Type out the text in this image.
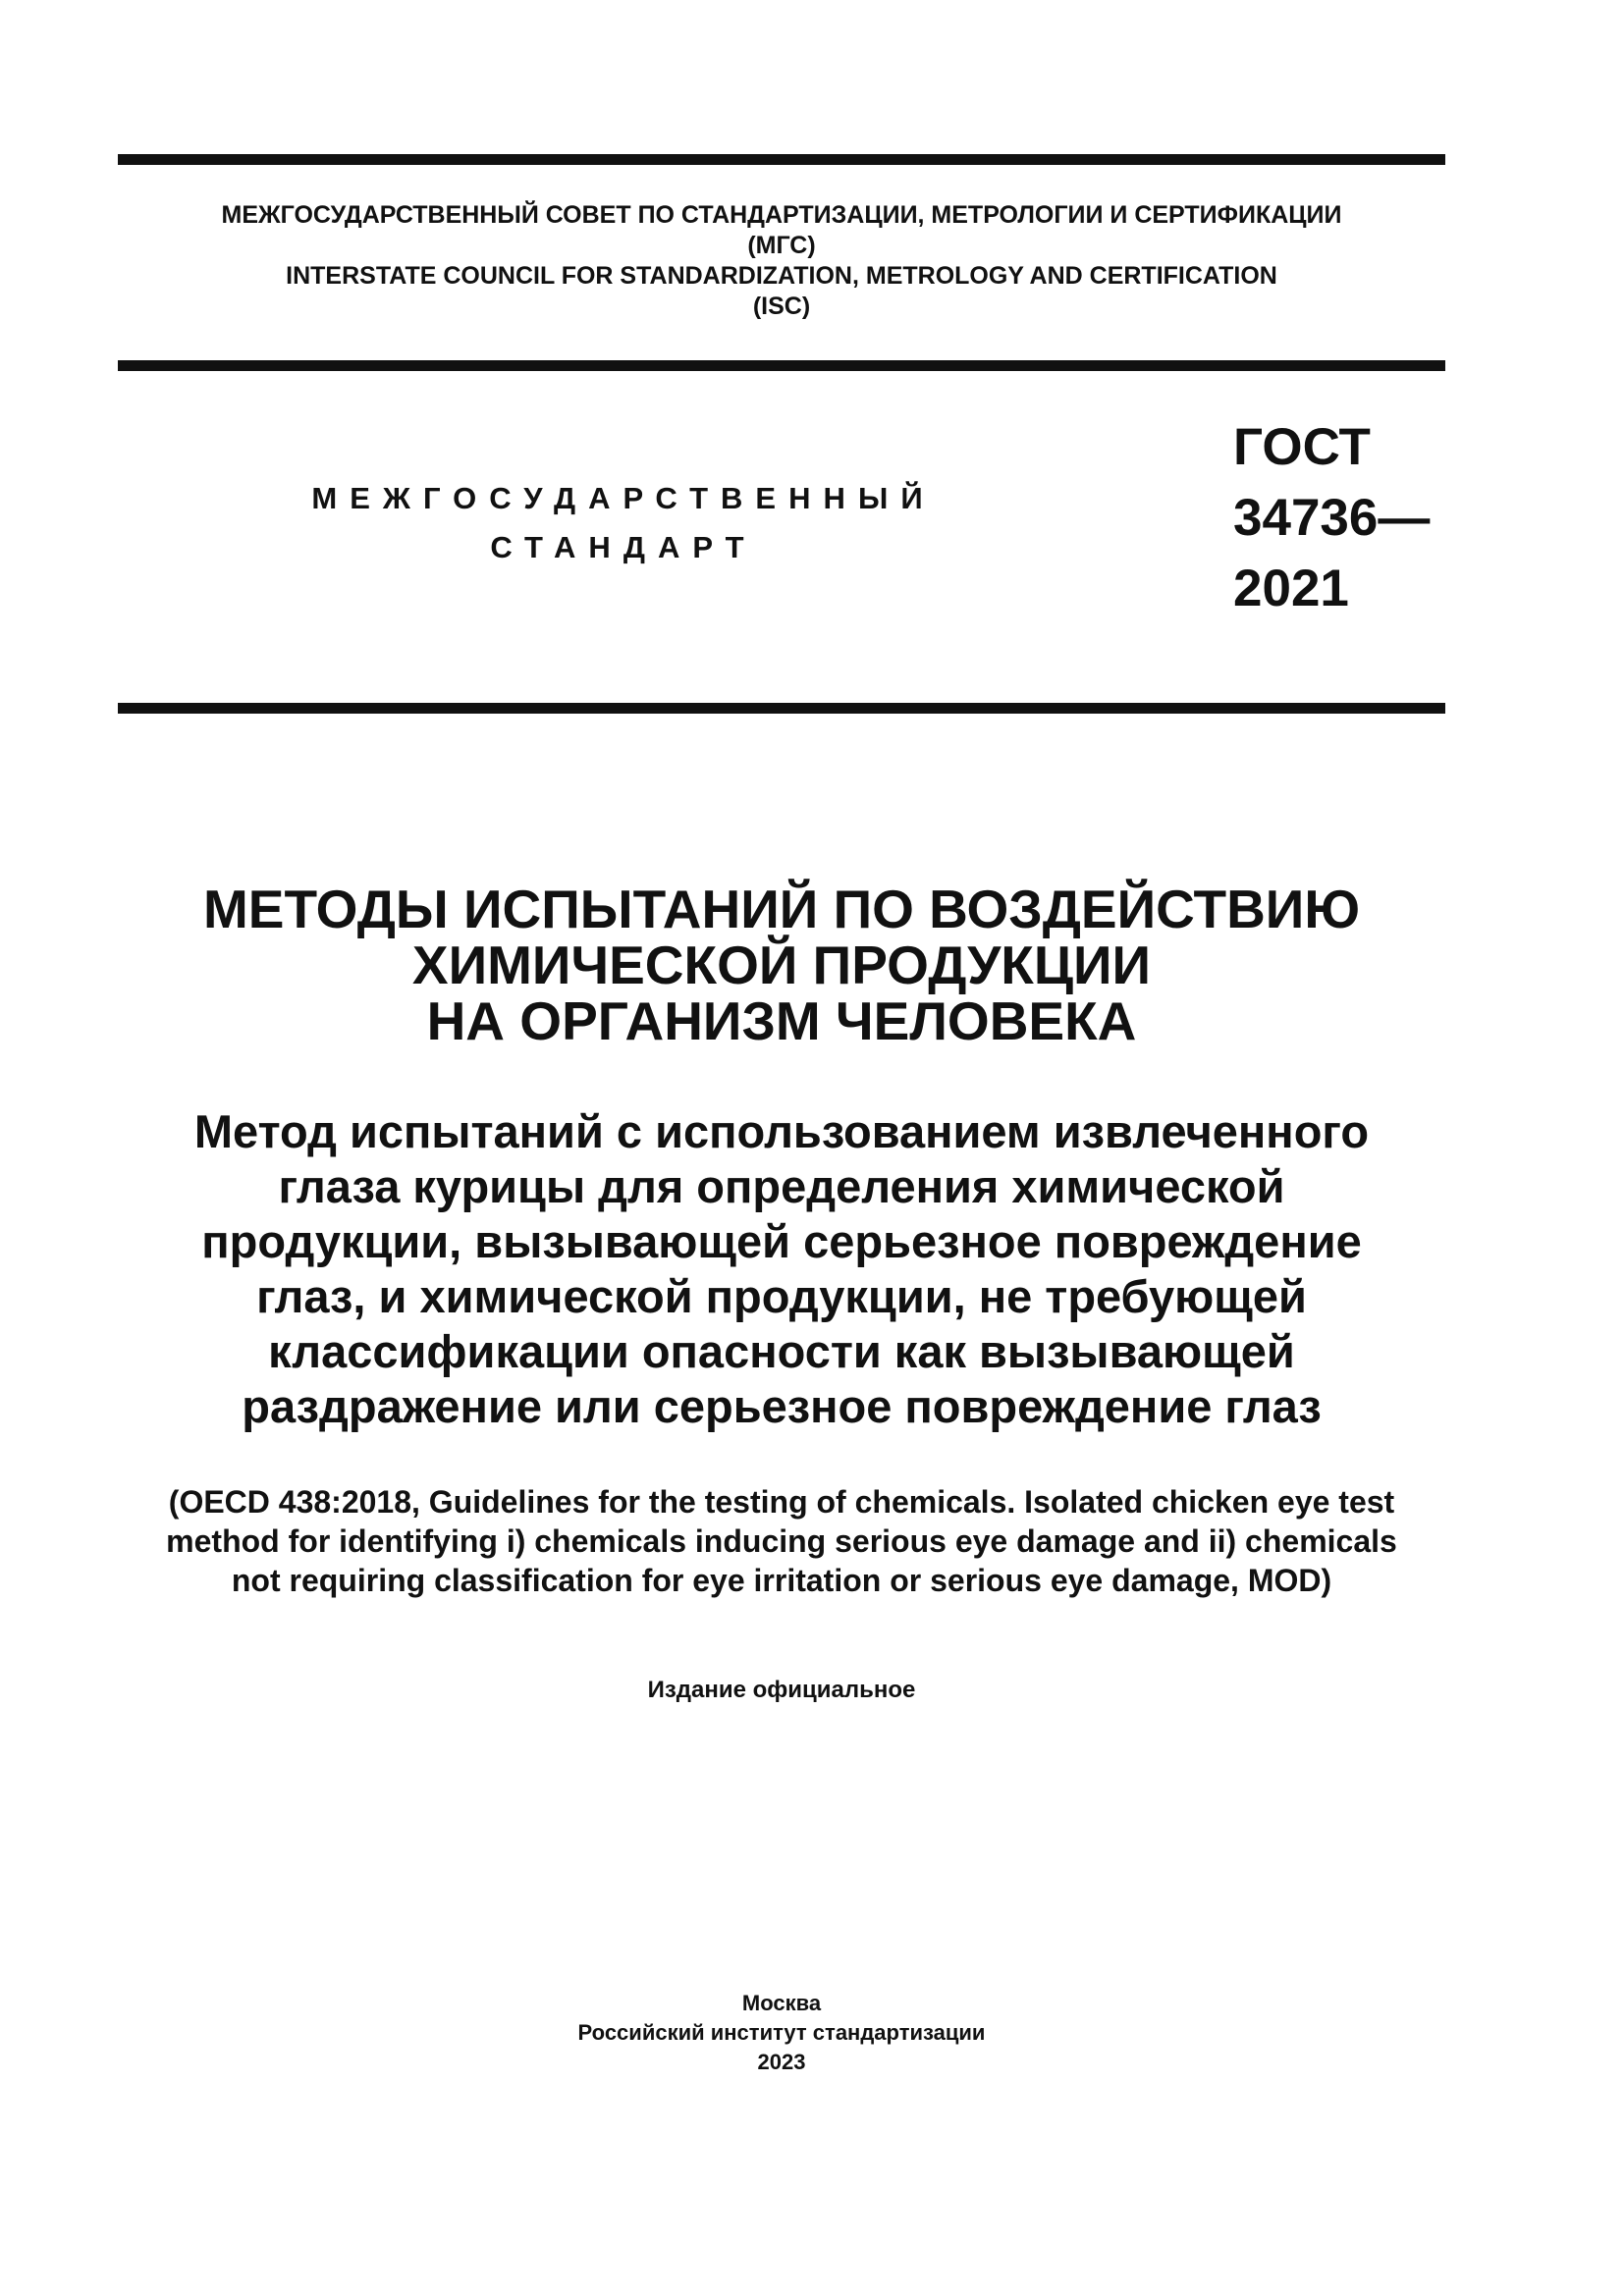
МЕЖГОСУДАРСТВЕННЫЙ СОВЕТ ПО СТАНДАРТИЗАЦИИ, МЕТРОЛОГИИ И СЕРТИФИКАЦИИ
(МГС)
INTERSTATE COUNCIL FOR STANDARDIZATION, METROLOGY AND CERTIFICATION
(ISC)
МЕЖГОСУДАРСТВЕННЫЙ
СТАНДАРТ
ГОСТ
34736—
2021
МЕТОДЫ ИСПЫТАНИЙ ПО ВОЗДЕЙСТВИЮ
ХИМИЧЕСКОЙ ПРОДУКЦИИ
НА ОРГАНИЗМ ЧЕЛОВЕКА
Метод испытаний с использованием извлеченного
глаза курицы для определения химической
продукции, вызывающей серьезное повреждение
глаз, и химической продукции, не требующей
классификации опасности как вызывающей
раздражение или серьезное повреждение глаз
(OECD 438:2018, Guidelines for the testing of chemicals. Isolated chicken eye test
method for identifying i) chemicals inducing serious eye damage and ii) chemicals
not requiring classification for eye irritation or serious eye damage, MOD)
Издание официальное
Москва
Российский институт стандартизации
2023
